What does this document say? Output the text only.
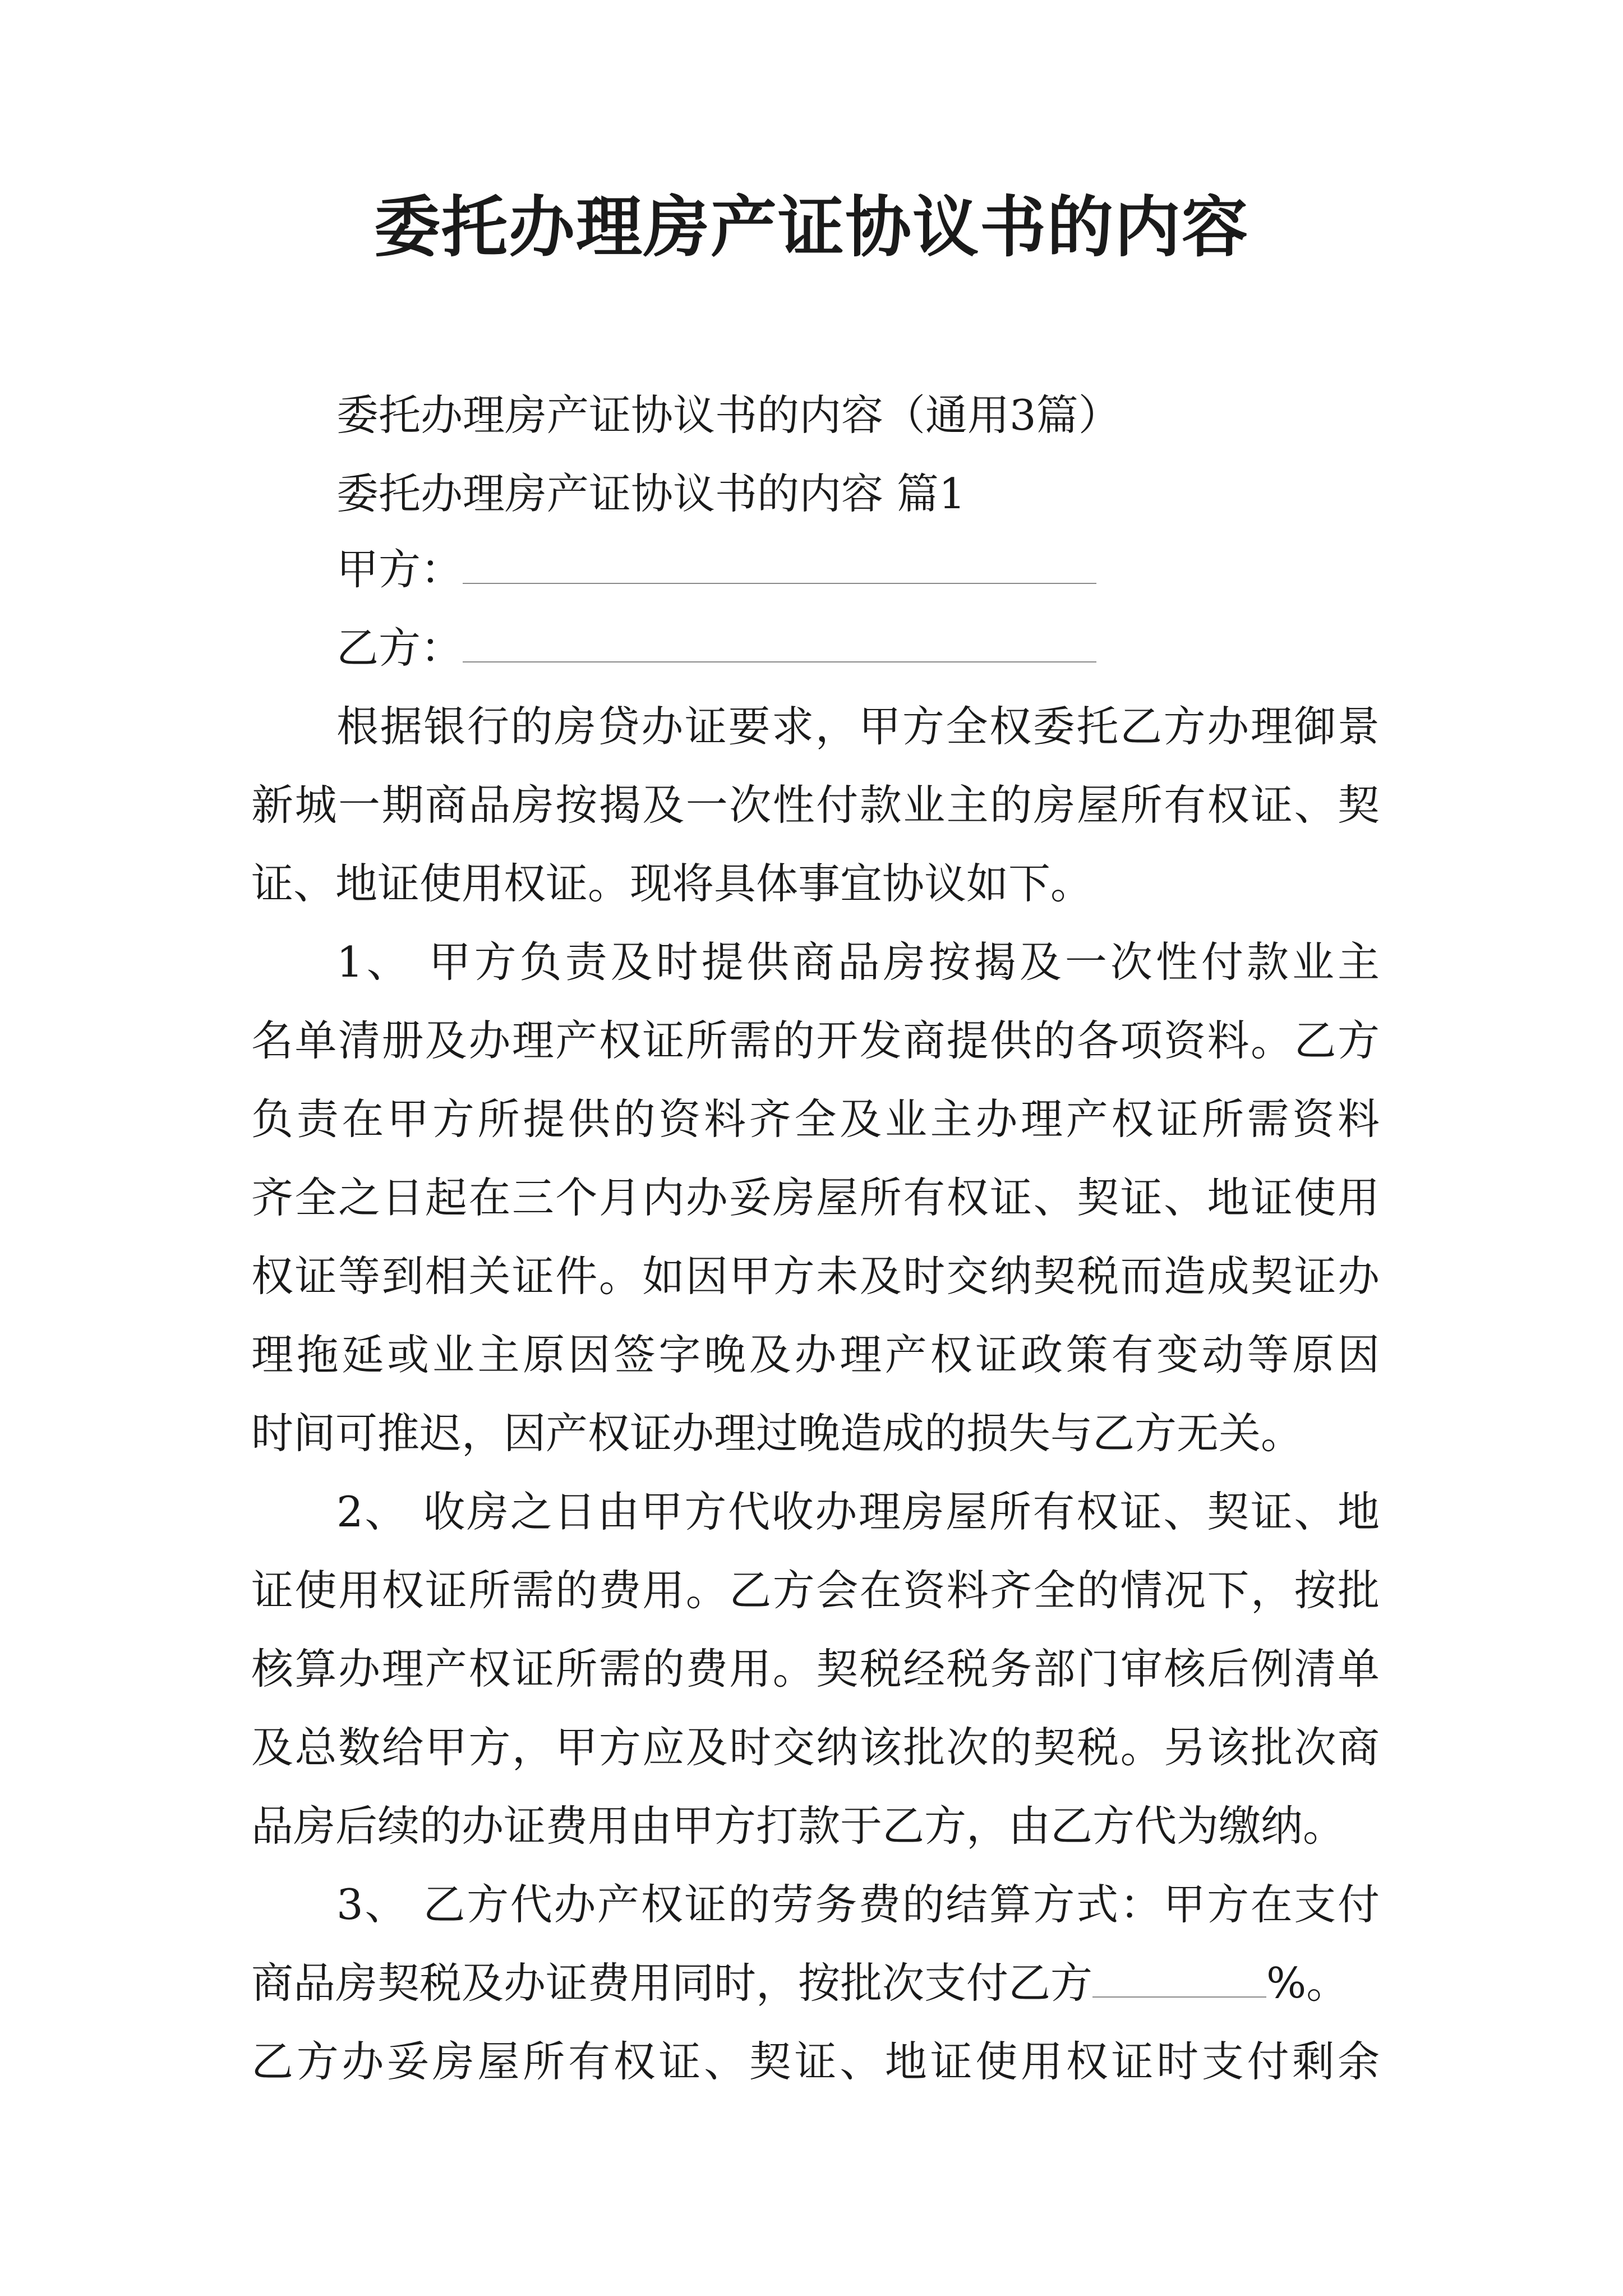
委托办理房产证协议书的内容

委托办理房产证协议书的内容（通用3篇）

委托办理房产证协议书的内容 篇1

甲方：

乙方：

根据银行的房贷办证要求，甲方全权委托乙方办理御景

新城一期商品房按揭及一次性付款业主的房屋所有权证、契

证、地证使用权证。现将具体事宜协议如下。

1、 甲方负责及时提供商品房按揭及一次性付款业主

名单清册及办理产权证所需的开发商提供的各项资料。乙方

负责在甲方所提供的资料齐全及业主办理产权证所需资料

齐全之日起在三个月内办妥房屋所有权证、契证、地证使用

权证等到相关证件。如因甲方未及时交纳契税而造成契证办

理拖延或业主原因签字晚及办理产权证政策有变动等原因

时间可推迟，因产权证办理过晚造成的损失与乙方无关。

2、 收房之日由甲方代收办理房屋所有权证、契证、地

证使用权证所需的费用。乙方会在资料齐全的情况下，按批

核算办理产权证所需的费用。契税经税务部门审核后例清单

及总数给甲方，甲方应及时交纳该批次的契税。另该批次商

品房后续的办证费用由甲方打款于乙方，由乙方代为缴纳。

3、 乙方代办产权证的劳务费的结算方式：甲方在支付

商品房契税及办证费用同时，按批次支付乙方	%。

乙方办妥房屋所有权证、契证、地证使用权证时支付剩余
